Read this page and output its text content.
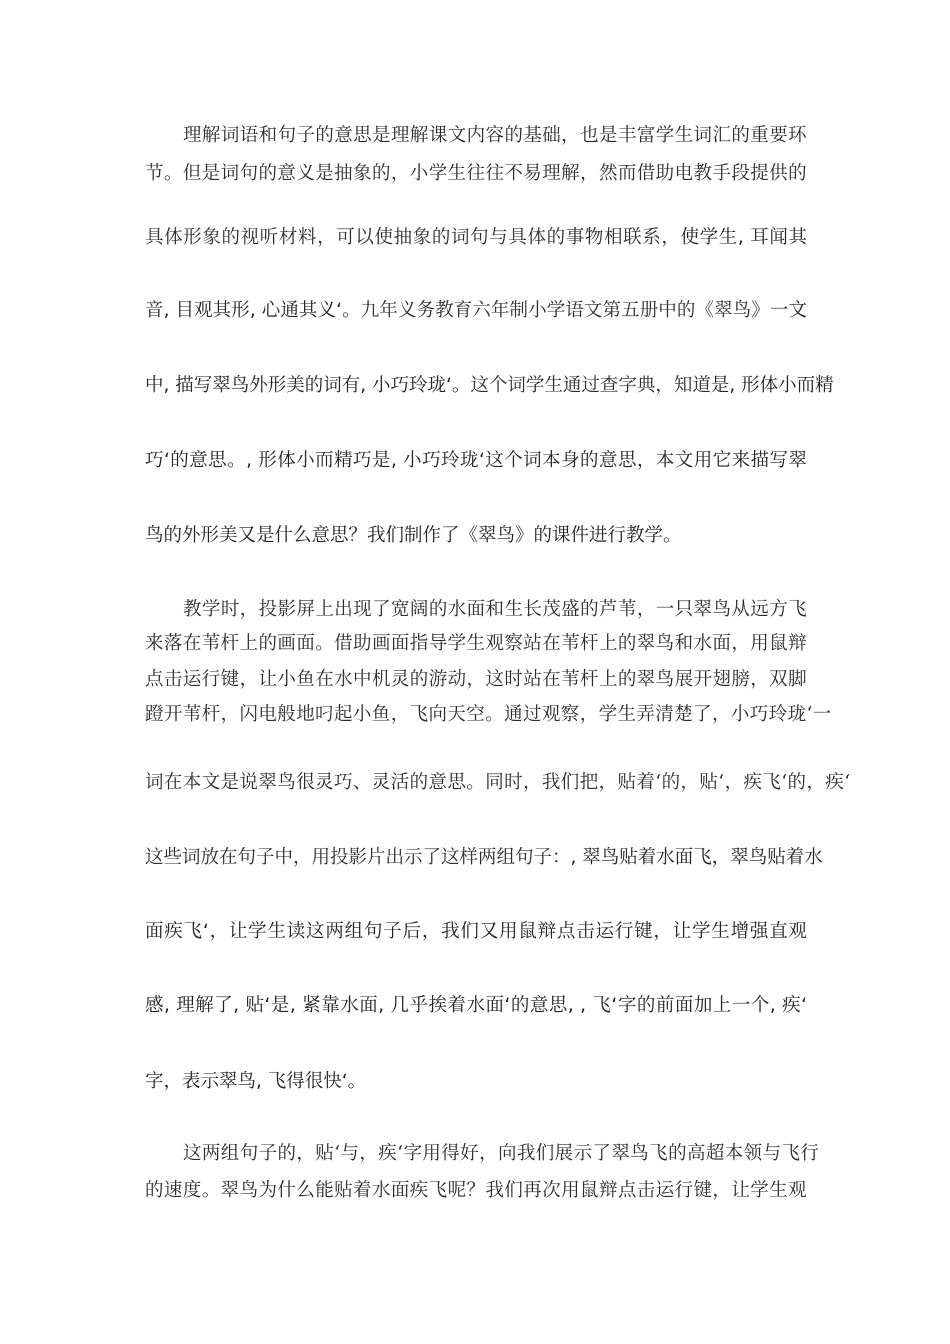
理解词语和句子的意思是理解课文内容的基础，也是丰富学生词汇的重要环
节。但是词句的意义是抽象的，小学生往往不易理解，然而借助电教手段提供的
具体形象的视听材料，可以使抽象的词句与具体的事物相联系，使学生, 耳闻其
音, 目观其形, 心通其义‘。九年义务教育六年制小学语文第五册中的《翠鸟》一文
中, 描写翠鸟外形美的词有, 小巧玲珑‘。这个词学生通过查字典，知道是, 形体小而精
巧‘的意思。, 形体小而精巧是, 小巧玲珑‘这个词本身的意思，本文用它来描写翠
鸟的外形美又是什么意思？我们制作了《翠鸟》的课件进行教学。
教学时，投影屏上出现了宽阔的水面和生长茂盛的芦苇，一只翠鸟从远方飞
来落在苇杆上的画面。借助画面指导学生观察站在苇杆上的翠鸟和水面，用鼠辩
点击运行键，让小鱼在水中机灵的游动，这时站在苇杆上的翠鸟展开翅膀，双脚
蹬开苇杆，闪电般地叼起小鱼，飞向天空。通过观察，学生弄清楚了，小巧玲珑‘一
词在本文是说翠鸟很灵巧、灵活的意思。同时，我们把，贴着‘的，贴‘，疾飞‘的，疾‘
这些词放在句子中，用投影片出示了这样两组句子：, 翠鸟贴着水面飞，翠鸟贴着水
面疾飞‘，让学生读这两组句子后，我们又用鼠辩点击运行键，让学生增强直观
感, 理解了, 贴‘是, 紧靠水面, 几乎挨着水面‘的意思, , 飞‘字的前面加上一个, 疾‘
字，表示翠鸟, 飞得很快‘。
这两组句子的，贴‘与，疾‘字用得好，向我们展示了翠鸟飞的高超本领与飞行
的速度。翠鸟为什么能贴着水面疾飞呢？我们再次用鼠辩点击运行键，让学生观
